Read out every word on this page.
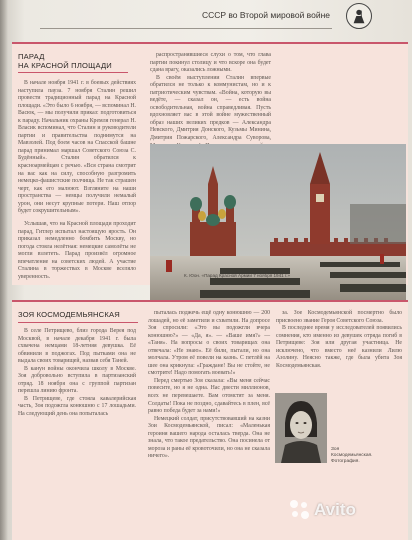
СССР во Второй мировой войне
ПАРАД
НА КРАСНОЙ ПЛОЩАДИ

В начале ноября 1941 г. в боевых действиях наступила пауза. 7 ноября Сталин решил провести традиционный парад на Красной площади. «Это было 6 ноября, — вспоминал Н. Васюк, — мы получили приказ: подготовиться к параду. Начальник охраны Кремля генерал Н. Власик вспоминал, что Сталин и руководители партии и правительства поднимутся на Мавзолей. Под боем часов на Спасской башне парад принимал маршал Советского Союза С. Будённый». Сталин обратился к красноармейцам с речью. «Вся страна смотрит на вас как на силу, способную разгромить немецко-фашистские полчища. Не так страшен черт, как его малюют. Взгляните на наши пространства — немцы получили немалый урон, они несут крупные потери. Наш отпор будет сокрушительным».

Услышав, что на Красной площади проходит парад, Гитлер испытал настоящую ярость. Он приказал немедленно бомбить Москву, но погода стояла нелётная: немецкие самолёты не могли взлететь. Парад произвёл огромное впечатление на советских людей. А участие Сталина в торжествах в Москве вселяло уверенность.

распространявшиеся слухи о том, что глава партии покинул столицу и что вскоре она будет сдана врагу, оказались ложными.

В своём выступлении Сталин впервые обратился не только к коммунистам, но и к патриотическим чувствам. «Война, которую вы ведёте, — сказал он, — есть война освободительная, война справедливая. Пусть вдохновляет вас в этой войне мужественный образ наших великих предков — Александра Невского, Дмитрия Донского, Кузьмы Минина, Дмитрия Пожарского, Александра Суворова,

К. Юон. «Парад Красной Армии 7 ноября 1941 г.»
ЗОЯ КОСМОДЕМЬЯНСКАЯ

В селе Петрищево, близ города Верея под Москвой, в начале декабря 1941 г. была схвачена немцами 18-летняя девушка. Её обвинили в поджогах. Под пытками она не выдала своих товарищей, назвав себя Таней.

В канун войны окончила школу в Москве. Зоя добровольно вступила в партизанский отряд. 18 ноября она с группой партизан перешла линию фронта.

В Петрищеве, где стояла кавалерийская часть, Зоя подожгла конюшню с 17 лошадьми. На следующий день она попыталась

пыталась поджечь ещё одну конюшню — 200 лошадей, но её заметили и схватили. На допросе Зоя спросили: «Это вы подожгли вчера конюшню?» — «Да, я». — «Ваше имя?» — «Таня». На вопросы о своих товарищах она отвечала: «Не знаю». Её били, пытали, но она молчала. Утром её повели на казнь. С петлёй на шее она крикнула: «Граждане! Вы не стойте, не смотрите! Надо помогать воевать!»

Перед смертью Зоя сказала: «Вы меня сейчас повесите, но я не одна. Нас двести миллионов, всех не перевешаете. Вам отомстят за меня. Солдаты! Пока не поздно, сдавайтесь в плен, всё равно победа будет за нами!»

Немецкий солдат, присутствовавший на казни Зои Космодемьянской, писал: «Маленькая героиня вашего народа осталась тверда. Она не знала, что такое предательство. Она посинела от мороза и раны её кровоточили, но она не сказала ничего».

за. Зое Космодемьянской посмертно было присвоено звание Героя Советского Союза.

В последнее время у исследователей появились сомнения, кто именно из девушек отряда погиб в Петрищеве: Зоя или другая участница. Не исключено, что вместо неё казнили Лилю Азолину. Неясно также, где была убита Зоя Космодемьянская.

Зоя
Космодемьянская.
Фотография.
Avito
